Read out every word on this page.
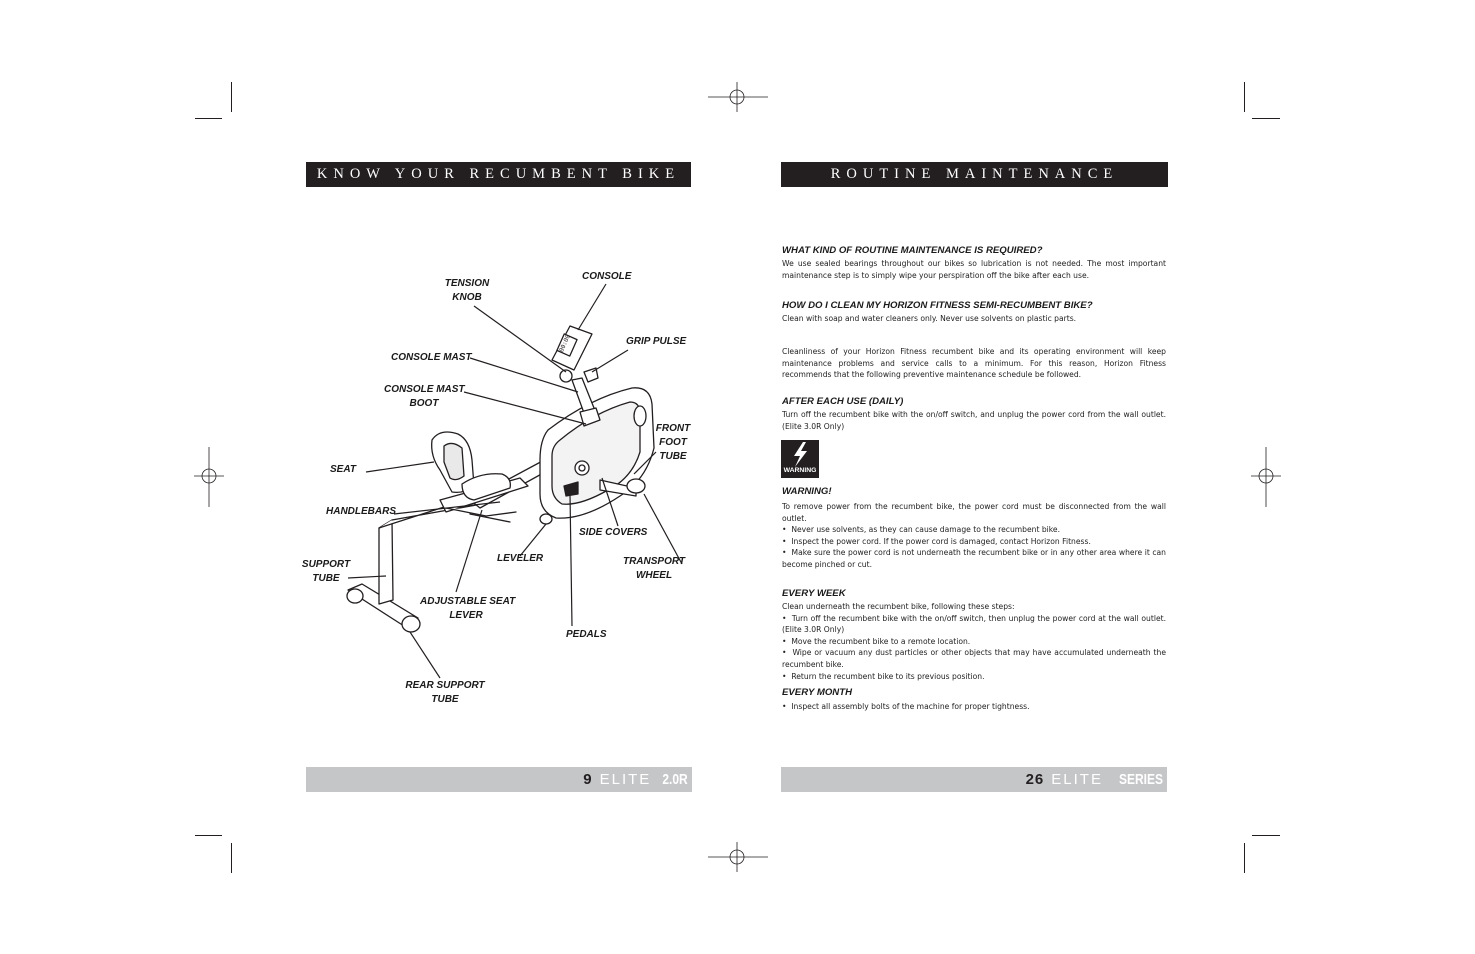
KNOW YOUR RECUMBENT BIKE
CONSOLE
TENSION
KNOB
GRIP PULSE
CONSOLE MAST
CONSOLE MAST
BOOT
FRONT
FOOT
TUBE
SEAT
HANDLEBARS
SIDE COVERS
LEVELER	TRANSPORT
WHEEL
SUPPORT
TUBE
ADJUSTABLE SEAT
LEVER
PEDALS
REAR SUPPORT
TUBE
00:00
9 ELITE 2.0R
ROUTINE MAINTENANCE

WHAT KIND OF ROUTINE MAINTENANCE IS REQUIRED?

We use sealed bearings throughout our bikes so lubrication is not needed. The most important maintenance step is to simply wipe your perspiration off the bike after each use.

HOW DO I CLEAN MY HORIZON FITNESS SEMI-RECUMBENT BIKE?

Clean with soap and water cleaners only. Never use solvents on plastic parts.

Cleanliness of your Horizon Fitness recumbent bike and its operating environment will keep maintenance problems and service calls to a minimum. For this reason, Horizon Fitness recommends that the following preventive maintenance schedule be followed.

AFTER EACH USE (DAILY)

Turn off the recumbent bike with the on/off switch, and unplug the power cord from the wall outlet. (Elite 3.0R Only)

WARNING

WARNING!

To remove power from the recumbent bike, the power cord must be disconnected from the wall outlet.

•  Never use solvents, as they can cause damage to the recumbent bike.

•  Inspect the power cord. If the power cord is damaged, contact Horizon Fitness.

•  Make sure the power cord is not underneath the recumbent bike or in any other area where it can become pinched or cut.

EVERY WEEK

Clean underneath the recumbent bike, following these steps:

•  Turn off the recumbent bike with the on/off switch, then unplug the power cord at the wall outlet. (Elite 3.0R Only)

•  Move the recumbent bike to a remote location.

•  Wipe or vacuum any dust particles or other objects that may have accumulated underneath the recumbent bike.

•  Return the recumbent bike to its previous position.

EVERY MONTH

•  Inspect all assembly bolts of the machine for proper tightness.

26 ELITE SERIES
